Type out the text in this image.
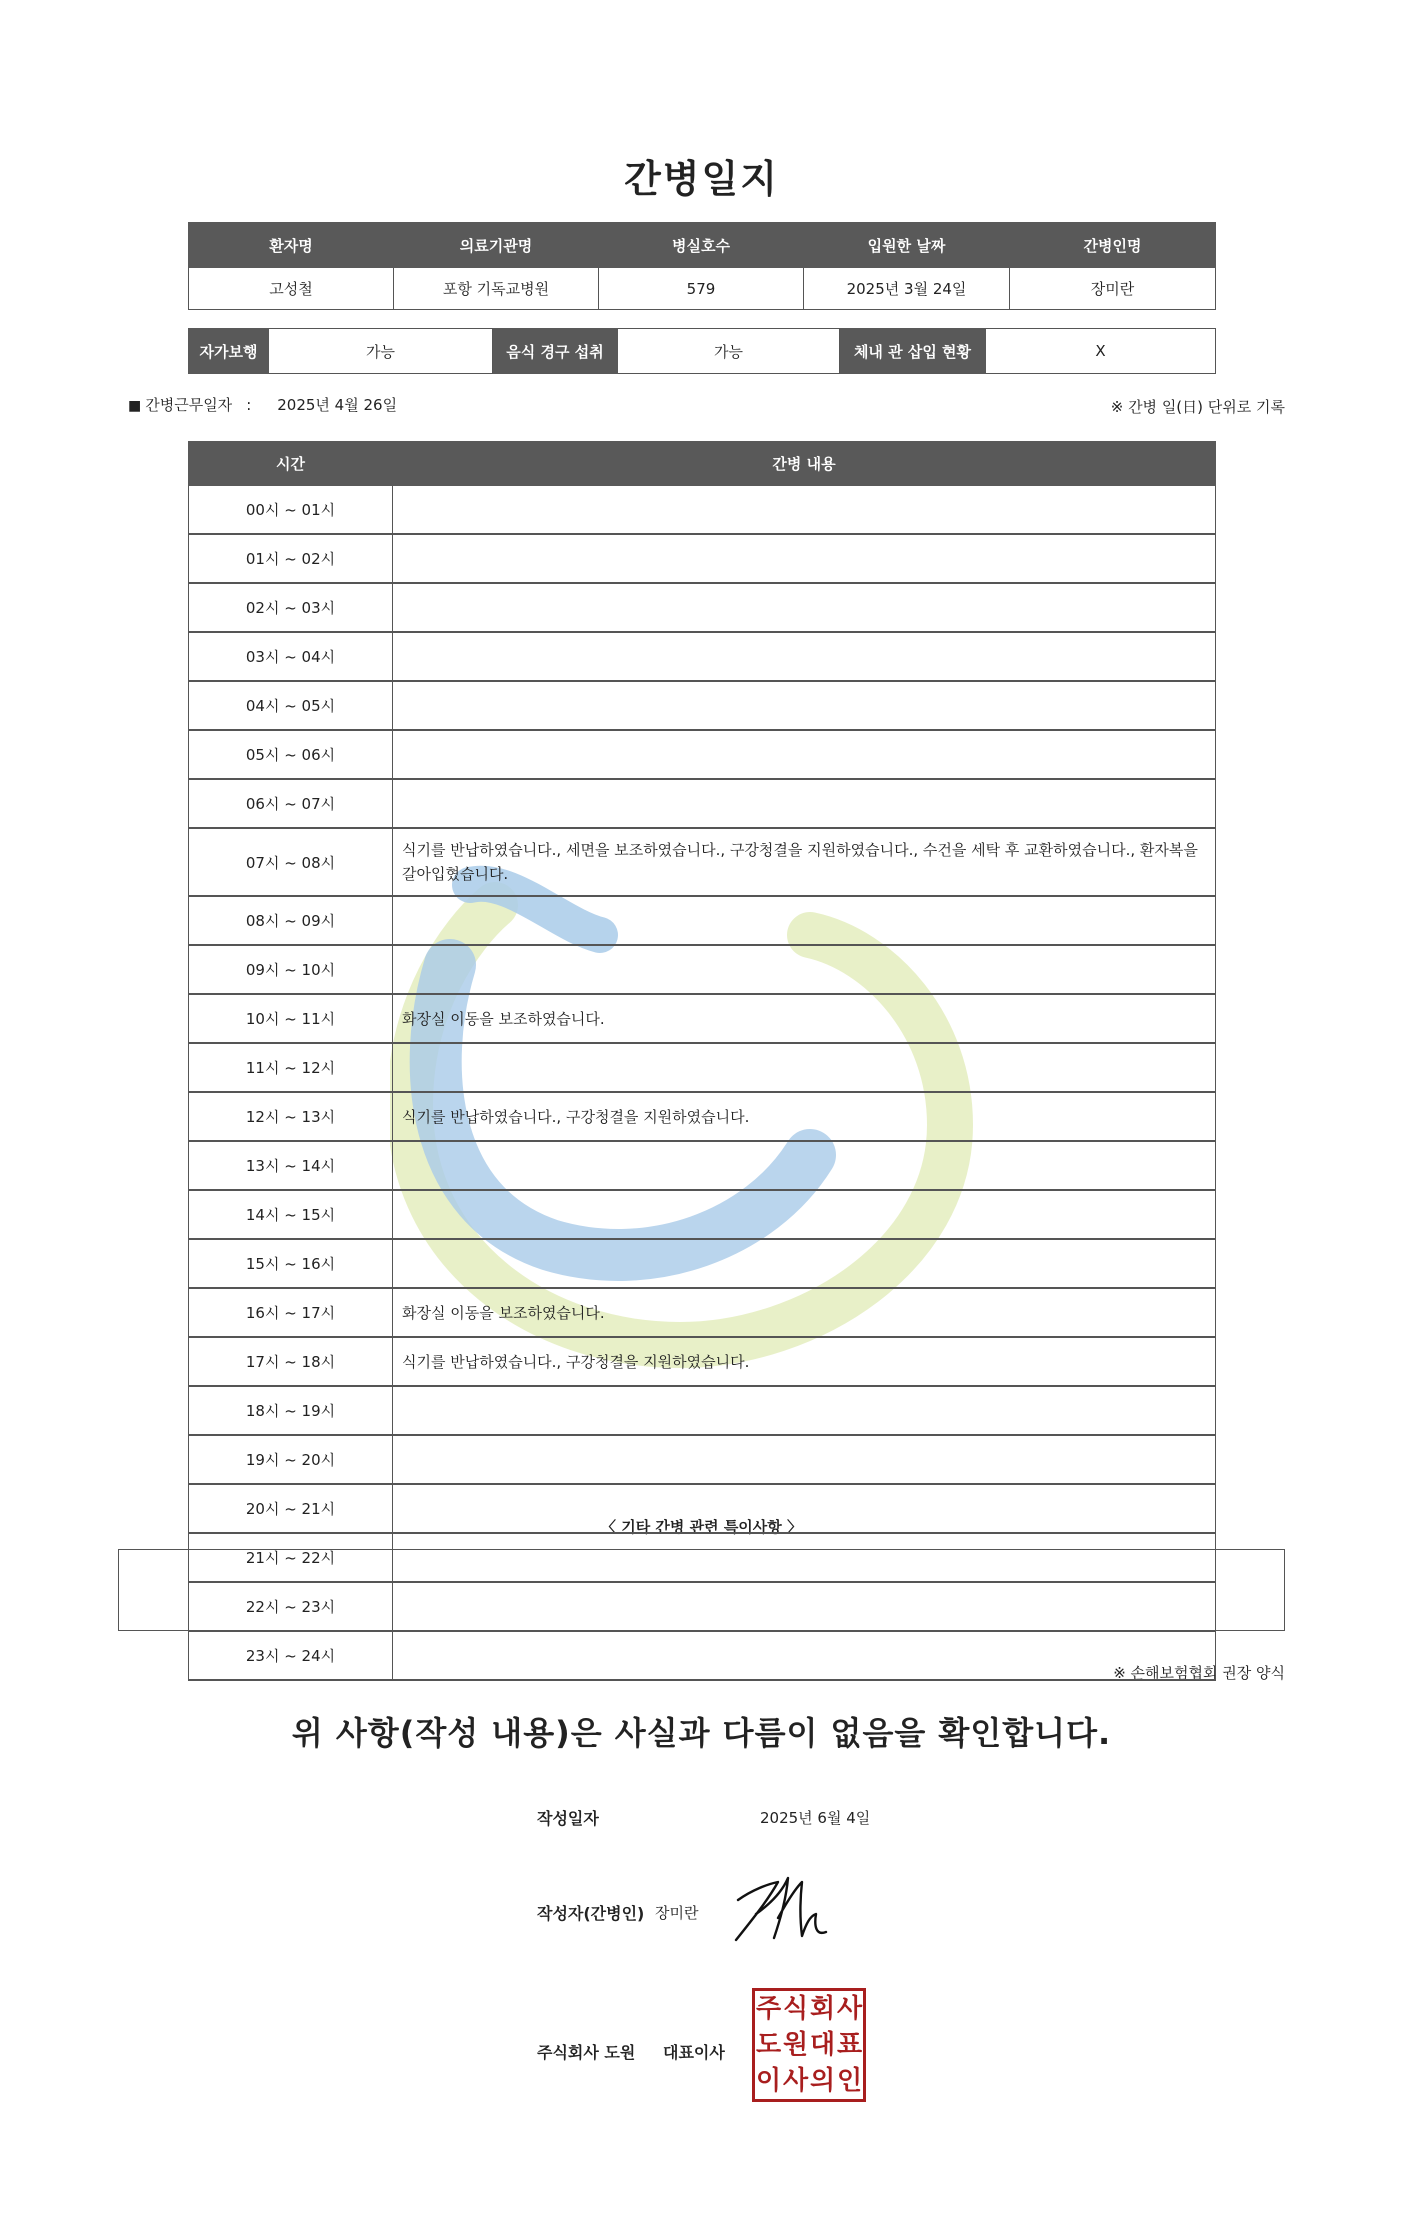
간병일지
환자명	의료기관명	병실호수	입원한 날짜	간병인명
고성철	포항 기독교병원	579	2025년 3월 24일	장미란
자가보행	가능	음식 경구 섭취	가능	체내 관 삽입 현황	X
■ 간병근무일자 : 2025년 4월 26일	※ 간병 일(日) 단위로 기록
시간	간병 내용
00시 ~ 01시	
01시 ~ 02시	
02시 ~ 03시	
03시 ~ 04시	
04시 ~ 05시	
05시 ~ 06시	
06시 ~ 07시	
07시 ~ 08시	식기를 반납하였습니다., 세면을 보조하였습니다., 구강청결을 지원하였습니다., 수건을 세탁 후 교환하였습니다., 환자복을 갈아입혔습니다.
08시 ~ 09시	
09시 ~ 10시	
10시 ~ 11시	화장실 이동을 보조하였습니다.
11시 ~ 12시	
12시 ~ 13시	식기를 반납하였습니다., 구강청결을 지원하였습니다.
13시 ~ 14시	
14시 ~ 15시	
15시 ~ 16시	
16시 ~ 17시	화장실 이동을 보조하였습니다.
17시 ~ 18시	식기를 반납하였습니다., 구강청결을 지원하였습니다.
18시 ~ 19시	
19시 ~ 20시	
20시 ~ 21시	
21시 ~ 22시	
22시 ~ 23시	
23시 ~ 24시	
〈 기타 간병 관련 특이사항 〉
※ 손해보험협회 권장 양식
위 사항(작성 내용)은 사실과 다름이 없음을 확인합니다.
작성일자	2025년 6월 4일
작성자(간병인) 장미란
주식회사 도원 대표이사
주 식 회 사
도 원 대 표
이 사 의 인
